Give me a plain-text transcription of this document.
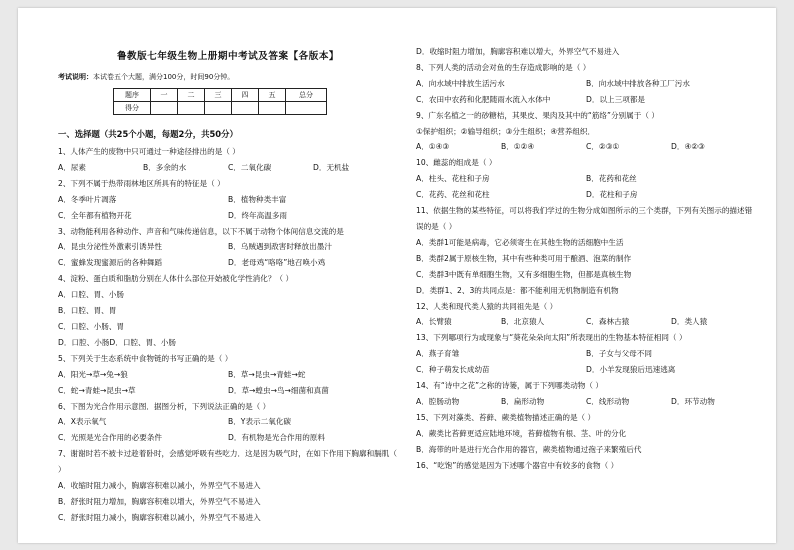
鲁教版七年级生物上册期中考试及答案【各版本】
考试说明：本试卷五个大题，满分100分，时间90分钟。
题序	一	二	三	四	五	总分
得分						
一、选择题（共25个小题，每题2分，共50分）
1、人体产生的废物中只可通过一种途径排出的是（ ）
A．尿素	B．多余的水	C．二氧化碳	D．无机盐
2、下列不属于热带雨林地区所具有的特征是（ ）
A．冬季叶片凋落	B．植物种类丰富
C．全年都有植物开花	D．终年高温多雨
3、动物能利用各种动作、声音和气味传递信息，以下不属于动物个体间信息交流的是
A．昆虫分泌性外激素引诱异性	B．乌贼遇到敌害时释放出墨汁
C．蜜蜂发现蜜源后的各种舞蹈	D．老母鸡“咯咯”地召唤小鸡
4、淀粉、蛋白质和脂肪分别在人体什么部位开始被化学性消化？（ ）
A．口腔、胃、小肠
B．口腔、胃、胃
C．口腔、小肠、胃
D．口腔、小肠D．口腔、胃、小肠
5、下列关于生态系统中食物链的书写正确的是（ ）
A．阳光→草→兔→狼	B．草→昆虫→青蛙→蛇
C．蛇→青蛙→昆虫→草	D．草→蝗虫→鸟→细菌和真菌
6、下图为光合作用示意图．据图分析，下列说法正确的是（ ）
A．X表示氧气	B．Y表示二氧化碳
C．光照是光合作用的必要条件	D．有机物是光合作用的原料
7、谢谢时若不被卡过趁着卧时，会感觉呼吸有些吃力．这是因为吸气时，在如下作用下胸廓和膈肌（ ）
A．收缩时阻力减小，胸廓容积难以减小，外界空气不易进入
B．舒张时阻力增加，胸廓容积难以增大，外界空气不易进入
C．舒张时阻力减小，胸廓容积难以减小，外界空气不易进入
D．收缩时阻力增加，胸廓容积难以增大，外界空气不易进入
8、下列人类的活动会对鱼的生存造成影响的是（ ）
A．向水域中排放生活污水	B．向水域中排放各种工厂污水
C．农田中农药和化肥随雨水流入水体中	D．以上三项都是
9、广东名植之一的砂糖桔，其果皮、果肉及其中的“筋络”分别属于（ ）
①保护组织；②输导组织；③分生组织；④营养组织．
A．①④③	B．①②④	C．②③①	D．④②③
10、雌蕊的组成是（ ）
A．柱头、花柱和子房	B．花药和花丝
C．花药、花丝和花柱	D．花柱和子房
11、依据生物的某些特征，可以将我们学过的生物分成如图所示的三个类群，下列有关图示的描述错误的是（ ）
A．类群1可能是病毒，它必须寄生在其他生物的活细胞中生活
B．类群2属于原核生物，其中有些种类可用于酿酒、泡菜的制作
C．类群3中既有单细胞生物，又有多细胞生物，但都是真核生物
D．类群1、2、3的共同点是：都不能利用无机物制造有机物
12、人类和现代类人猿的共同祖先是（ ）
A．长臂猿	B．北京猿人	C．森林古猿	D．类人猿
13、下列哪项行为或现象与“葵花朵朵向太阳”所表现出的生物基本特征相同（ ）
A．燕子育雏	B．子女与父母不同
C．种子萌发长成幼苗	D．小羊发现狼后迅速逃离
14、有“诗中之花”之称的诗篓，属于下列哪类动物（ ）
A．腔肠动物	B．扁形动物	C．线形动物	D．环节动物
15、下列对藻类、苔藓、蕨类植物描述正确的是（ ）
A．蕨类比苔藓更适应陆地环境，苔藓植物有根、茎、叶的分化
B．海带的叶是进行光合作用的器官，蕨类植物通过孢子来繁殖后代
16、“吃饱”的感觉是因为下述哪个器官中有较多的食物（ ）
